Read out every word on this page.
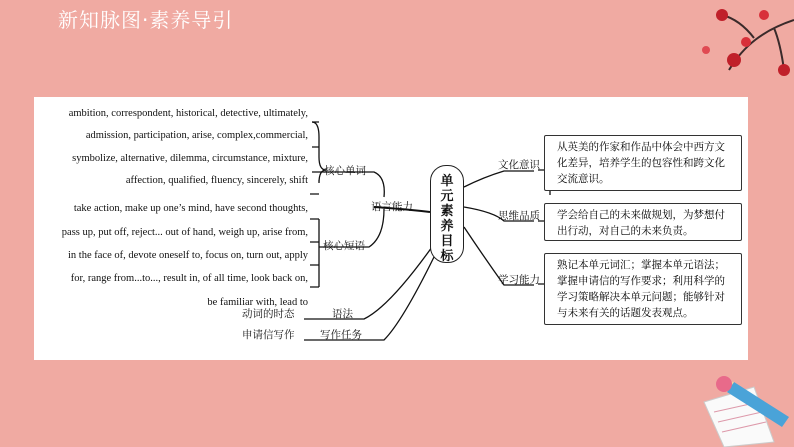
新知脉图·素养导引
ambition, correspondent, historical, detective, ultimately,
admission, participation, arise, complex,commercial,
symbolize, alternative, dilemma, circumstance, mixture,
affection, qualified, fluency, sincerely, shift
核心单词
语言能力
take action, make up one’s mind, have second thoughts,
pass up, put off, reject... out of hand, weigh up, arise from,
in the face of, devote oneself to, focus on, turn out, apply
for, range from...to..., result in, of all time, look back on,
be familiar with, lead to
核心短语
动词的时态	语法
申请信写作 写作任务
单
元
素
养
目
标
文化意识
思维品质
学习能力
从英美的作家和作品中体会中西方文
化差异，培养学生的包容性和跨文化
交流意识。
学会给自己的未来做规划，为梦想付
出行动，对自己的未来负责。
熟记本单元词汇；掌握本单元语法；
掌握申请信的写作要求；利用科学的
学习策略解决本单元问题；能够针对
与未来有关的话题发表观点。
